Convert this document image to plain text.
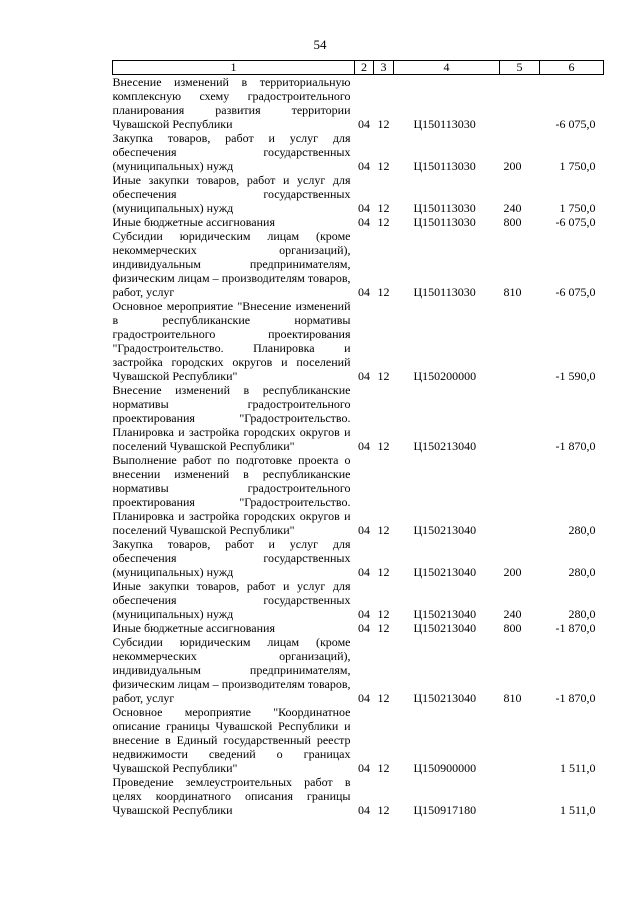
54
1	2	3	4	5	6
Внесение изменений в территориальную комплексную схему градостроительного планирования развития территории Чувашской Республики	04	12	Ц150113030		-6 075,0
Закупка товаров, работ и услуг для обеспечения государственных (муниципальных) нужд	04	12	Ц150113030	200	1 750,0
Иные закупки товаров, работ и услуг для обеспечения государственных (муниципальных) нужд	04	12	Ц150113030	240	1 750,0
Иные бюджетные ассигнования	04	12	Ц150113030	800	-6 075,0
Субсидии юридическим лицам (кроме некоммерческих организаций), индивидуальным предпринимателям, физическим лицам – производителям товаров, работ, услуг	04	12	Ц150113030	810	-6 075,0
Основное мероприятие "Внесение изменений в республиканские нормативы градостроительного проектирования "Градостроительство. Планировка и застройка городских округов и поселений Чувашской Республики"	04	12	Ц150200000		-1 590,0
Внесение изменений в республиканские нормативы градостроительного проектирования "Градостроительство. Планировка и застройка городских округов и поселений Чувашской Республики"	04	12	Ц150213040		-1 870,0
Выполнение работ по подготовке проекта о внесении изменений в республиканские нормативы градостроительного проектирования "Градостроительство. Планировка и застройка городских округов и поселений Чувашской Республики"	04	12	Ц150213040		280,0
Закупка товаров, работ и услуг для обеспечения государственных (муниципальных) нужд	04	12	Ц150213040	200	280,0
Иные закупки товаров, работ и услуг для обеспечения государственных (муниципальных) нужд	04	12	Ц150213040	240	280,0
Иные бюджетные ассигнования	04	12	Ц150213040	800	-1 870,0
Субсидии юридическим лицам (кроме некоммерческих организаций), индивидуальным предпринимателям, физическим лицам – производителям товаров, работ, услуг	04	12	Ц150213040	810	-1 870,0
Основное мероприятие "Координатное описание границы Чувашской Республики и внесение в Единый государственный реестр недвижимости сведений о границах Чувашской Республики"	04	12	Ц150900000		1 511,0
Проведение землеустроительных работ в целях координатного описания границы Чувашской Республики	04	12	Ц150917180		1 511,0
